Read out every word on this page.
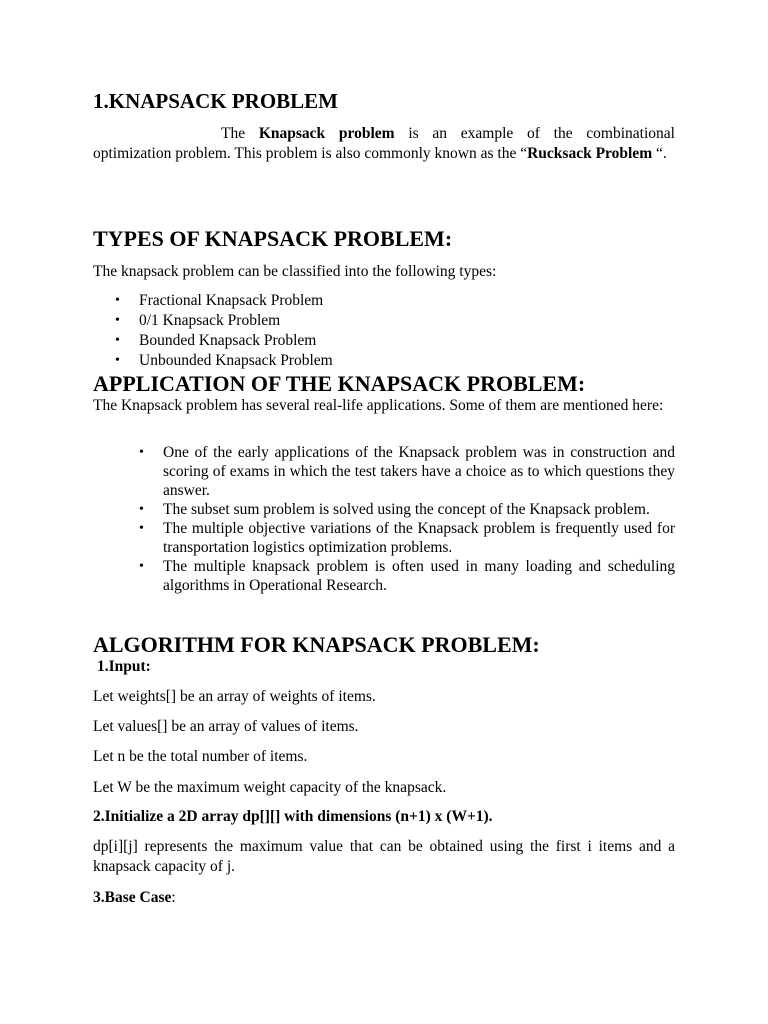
1.KNAPSACK PROBLEM

The Knapsack problem is an example of the combinational optimization problem. This problem is also commonly known as the “Rucksack Problem “.

TYPES OF KNAPSACK PROBLEM:

The knapsack problem can be classified into the following types:

• Fractional Knapsack Problem
• 0/1 Knapsack Problem
• Bounded Knapsack Problem
• Unbounded Knapsack Problem
APPLICATION OF THE KNAPSACK PROBLEM:

The Knapsack problem has several real-life applications. Some of them are mentioned here:

• One of the early applications of the Knapsack problem was in construction and scoring of exams in which the test takers have a choice as to which questions they answer.
• The subset sum problem is solved using the concept of the Knapsack problem.
• The multiple objective variations of the Knapsack problem is frequently used for transportation logistics optimization problems.
• The multiple knapsack problem is often used in many loading and scheduling algorithms in Operational Research.
ALGORITHM FOR KNAPSACK PROBLEM:

1.Input:

Let weights[] be an array of weights of items.

Let values[] be an array of values of items.

Let n be the total number of items.

Let W be the maximum weight capacity of the knapsack.

2.Initialize a 2D array dp[][] with dimensions (n+1) x (W+1).

dp[i][j] represents the maximum value that can be obtained using the first i items and a knapsack capacity of j.

3.Base Case:
